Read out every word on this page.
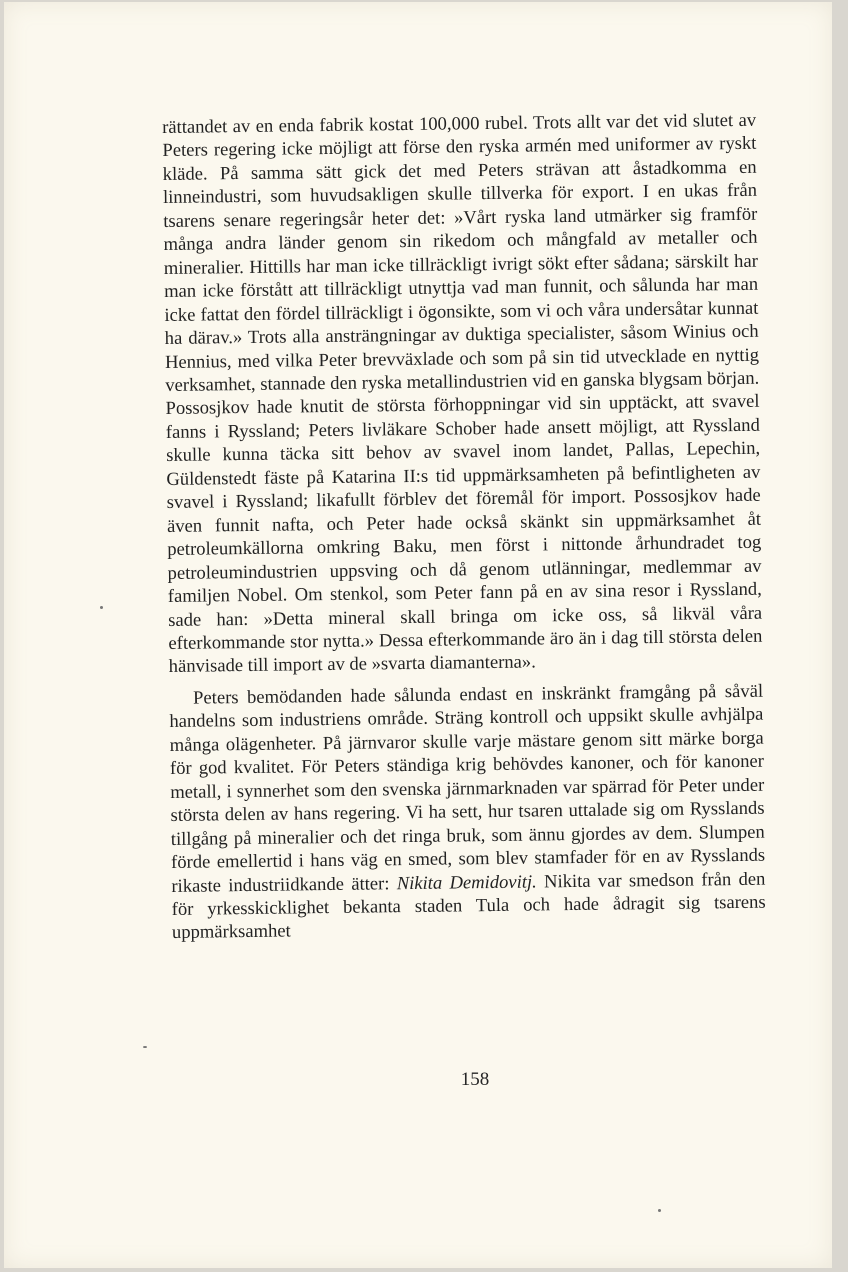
rättandet av en enda fabrik kostat 100,000 rubel. Trots allt var det vid slutet av Peters regering icke möjligt att förse den ryska armén med uniformer av ryskt kläde. På samma sätt gick det med Peters strävan att åstadkomma en linneindustri, som huvudsakligen skulle tillverka för export. I en ukas från tsarens senare regeringsår heter det: »Vårt ryska land utmärker sig framför många andra länder genom sin rikedom och mångfald av metaller och mineralier. Hittills har man icke tillräckligt ivrigt sökt efter sådana; särskilt har man icke förstått att tillräckligt utnyttja vad man funnit, och sålunda har man icke fattat den fördel tillräckligt i ögonsikte, som vi och våra undersåtar kunnat ha därav.» Trots alla ansträngningar av duktiga specialister, såsom Winius och Hennius, med vilka Peter brevväxlade och som på sin tid utvecklade en nyttig verksamhet, stannade den ryska metallindustrien vid en ganska blygsam början. Possosjkov hade knutit de största förhoppningar vid sin upptäckt, att svavel fanns i Ryssland; Peters livläkare Schober hade ansett möjligt, att Ryssland skulle kunna täcka sitt behov av svavel inom landet, Pallas, Lepechin, Güldenstedt fäste på Katarina II:s tid uppmärksamheten på befintligheten av svavel i Ryssland; likafullt förblev det föremål för import. Possosjkov hade även funnit nafta, och Peter hade också skänkt sin uppmärksamhet åt petroleumkällorna omkring Baku, men först i nittonde århundradet tog petroleumindustrien uppsving och då genom utlänningar, medlemmar av familjen Nobel. Om stenkol, som Peter fann på en av sina resor i Ryssland, sade han: »Detta mineral skall bringa om icke oss, så likväl våra efterkommande stor nytta.» Dessa efterkommande äro än i dag till största delen hänvisade till import av de »svarta diamanterna».

Peters bemödanden hade sålunda endast en inskränkt framgång på såväl handelns som industriens område. Sträng kontroll och uppsikt skulle avhjälpa många olägenheter. På järnvaror skulle varje mästare genom sitt märke borga för god kvalitet. För Peters ständiga krig behövdes kanoner, och för kanoner metall, i synnerhet som den svenska järnmarknaden var spärrad för Peter under största delen av hans regering. Vi ha sett, hur tsaren uttalade sig om Rysslands tillgång på mineralier och det ringa bruk, som ännu gjordes av dem. Slumpen förde emellertid i hans väg en smed, som blev stamfader för en av Rysslands rikaste industriidkande ätter: Nikita Demidovitj. Nikita var smedson från den för yrkesskicklighet bekanta staden Tula och hade ådragit sig tsarens uppmärksamhet

158
